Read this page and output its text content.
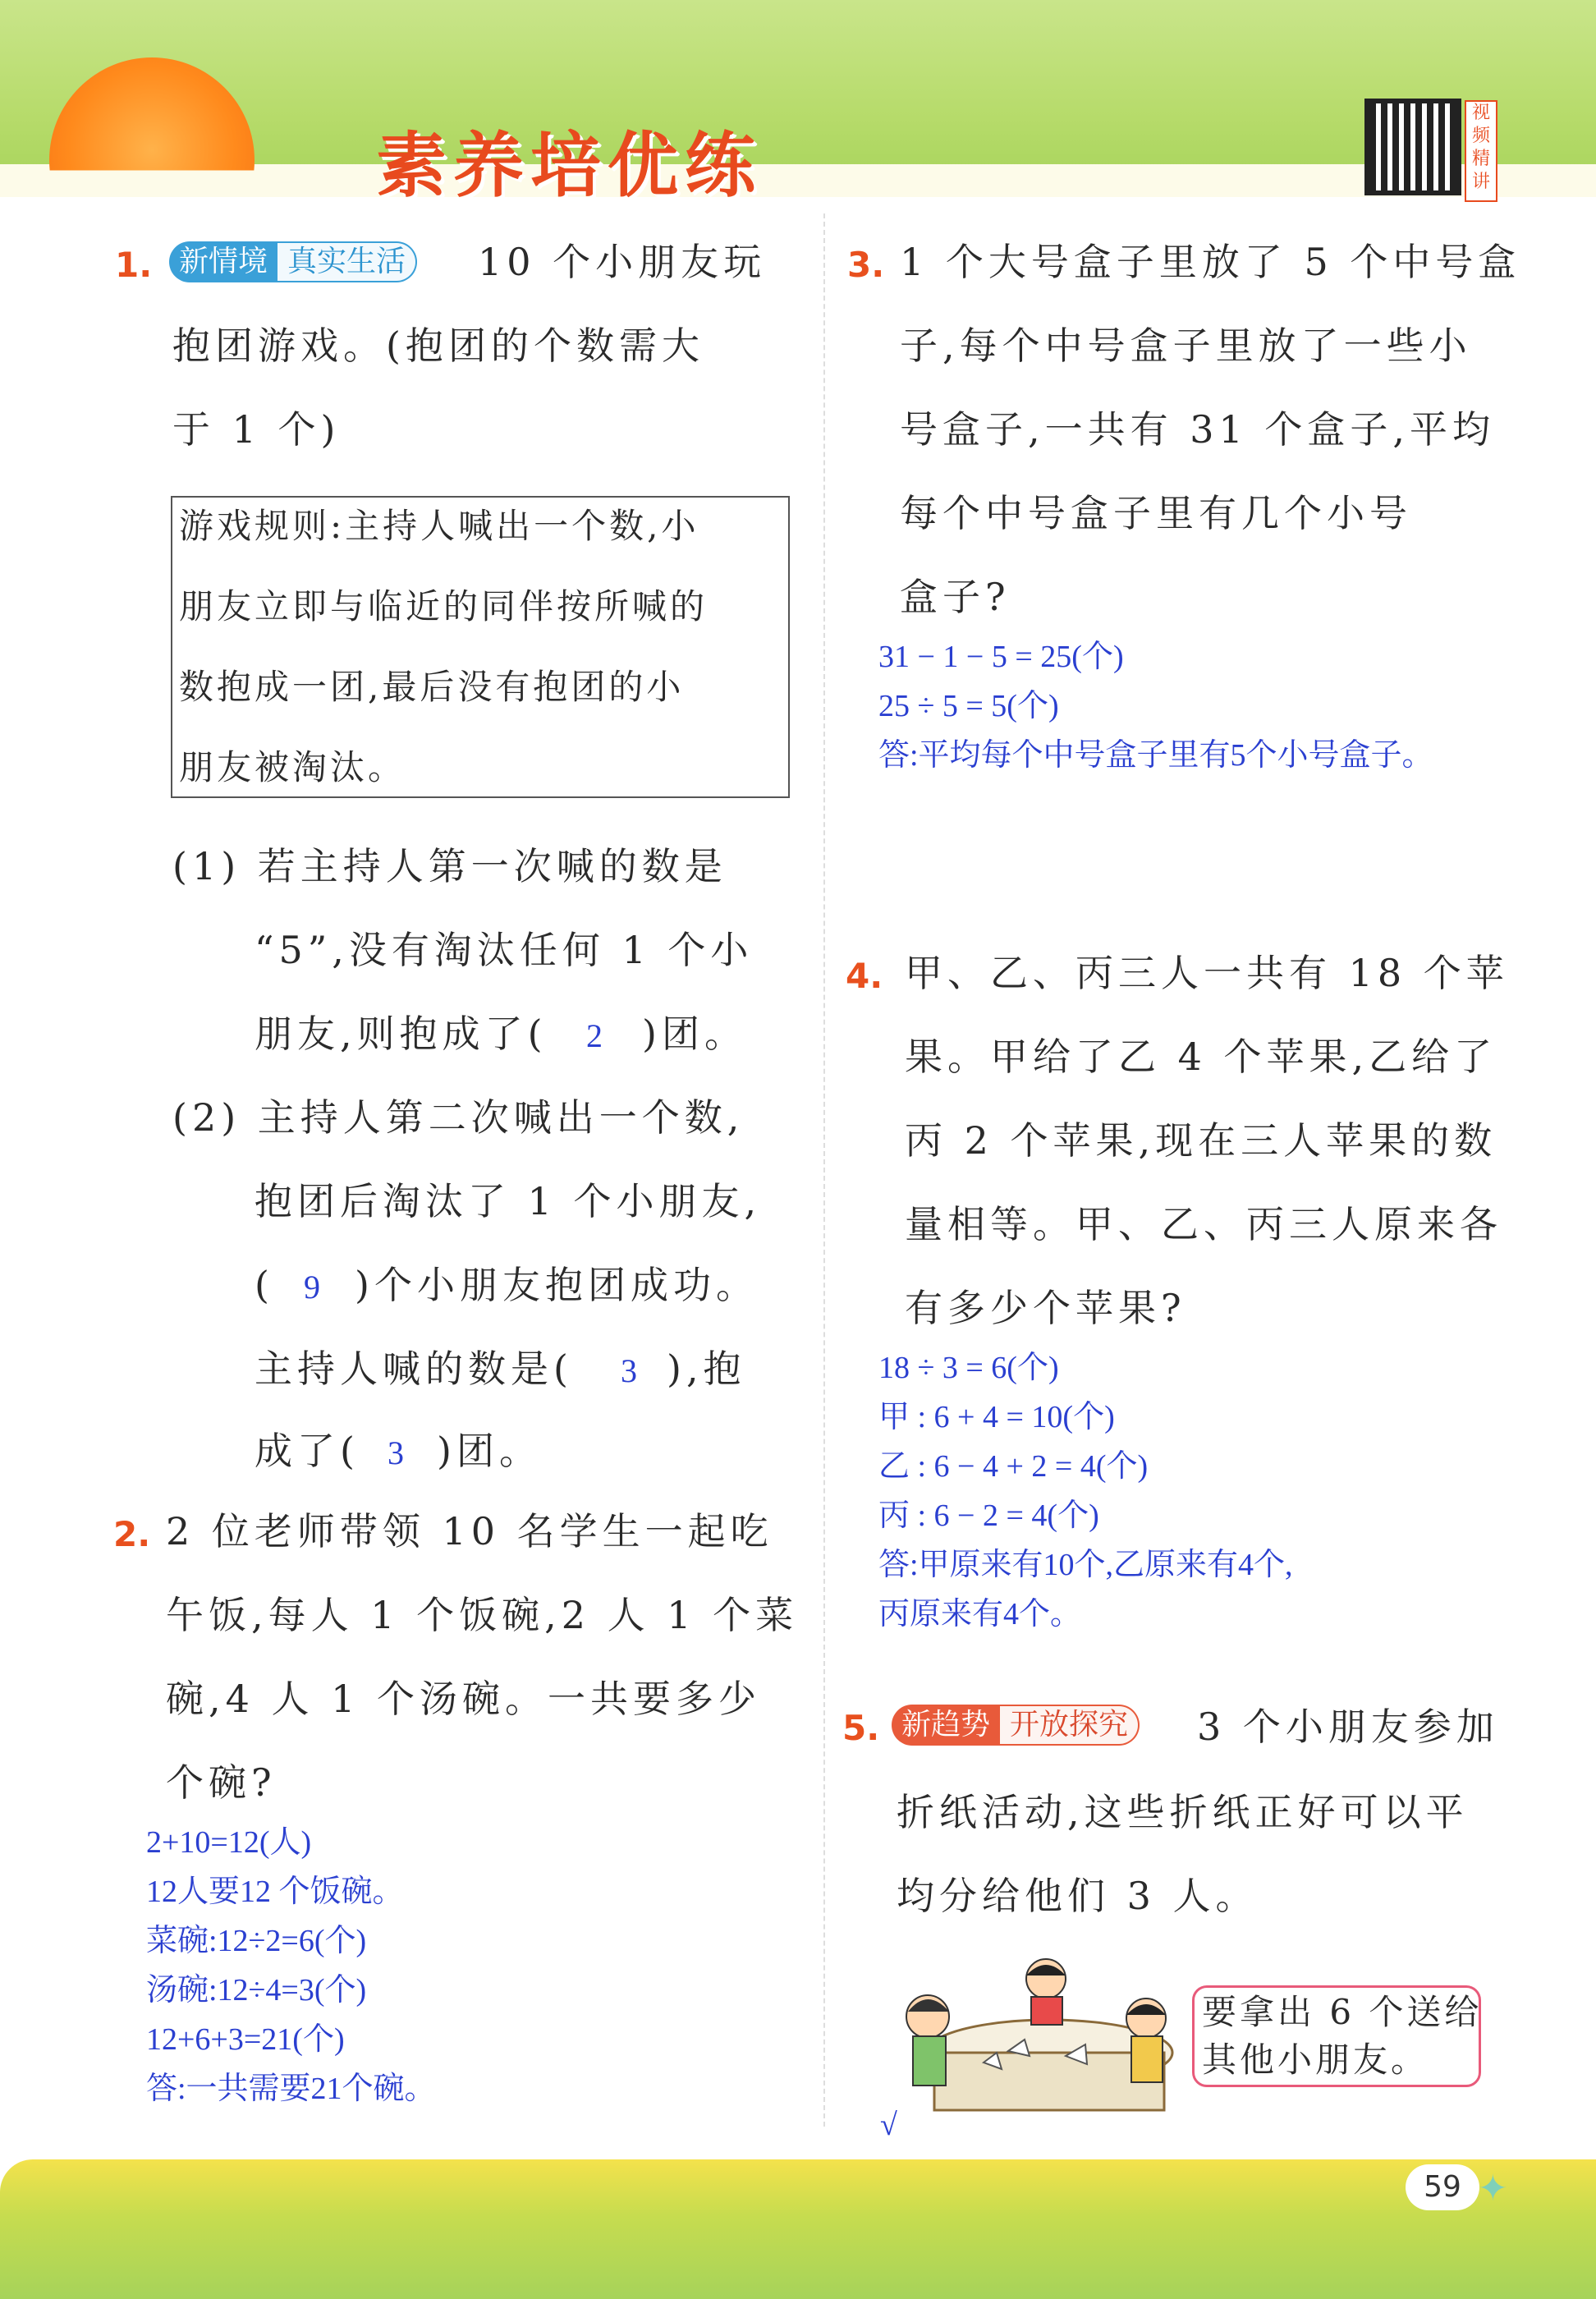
素养培优练
视频精讲
1. 新情境 真实生活	10 个小朋友玩
抱团游戏。(抱团的个数需大
于 1 个)
游戏规则:主持人喊出一个数,小
朋友立即与临近的同伴按所喊的
数抱成一团,最后没有抱团的小
朋友被淘汰。
(1) 若主持人第一次喊的数是
“5”,没有淘汰任何 1 个小
朋友,则抱成了( 2 )团。
(2) 主持人第二次喊出一个数,
抱团后淘汰了 1 个小朋友,
( 9 )个小朋友抱团成功。
主持人喊的数是( 3 ),抱
成了( 3 )团。
2. 2 位老师带领 10 名学生一起吃
午饭,每人 1 个饭碗,2 人 1 个菜
碗,4 人 1 个汤碗。一共要多少
个碗?
2+10=12(人)
12人要12 个饭碗。
菜碗:12÷2=6(个)
汤碗:12÷4=3(个)
12+6+3=21(个)
答:一共需要21个碗。
3. 1 个大号盒子里放了 5 个中号盒
子,每个中号盒子里放了一些小
号盒子,一共有 31 个盒子,平均
每个中号盒子里有几个小号
盒子?
31 − 1 − 5 = 25(个)
25 ÷ 5 = 5(个)
答:平均每个中号盒子里有5个小号盒子。
4. 甲、乙、丙三人一共有 18 个苹
果。甲给了乙 4 个苹果,乙给了
丙 2 个苹果,现在三人苹果的数
量相等。甲、乙、丙三人原来各
有多少个苹果?
18 ÷ 3 = 6(个)
甲 : 6 + 4 = 10(个)
乙 : 6 − 4 + 2 = 4(个)
丙 : 6 − 2 = 4(个)
答:甲原来有10个,乙原来有4个,
丙原来有4个。
5. 新趋势 开放探究	3 个小朋友参加
折纸活动,这些折纸正好可以平
均分给他们 3 人。
√
要拿出 6 个送给
其他小朋友。
59 ✦
